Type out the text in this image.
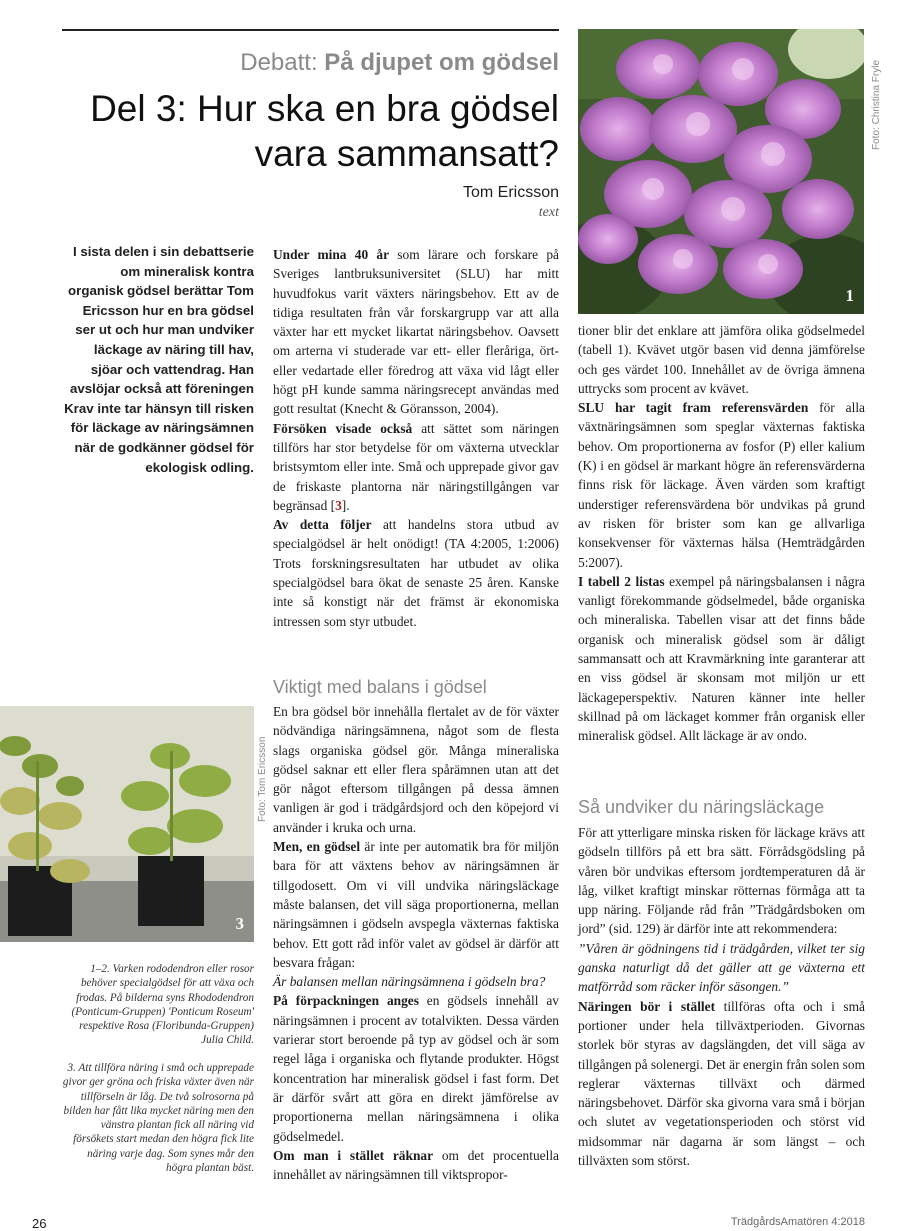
Debatt: På djupet om gödsel
Del 3: Hur ska en bra gödsel
vara sammansatt?
Tom Ericsson
text
I sista delen i sin debattserie om mineralisk kontra organisk gödsel berättar Tom Ericsson hur en bra gödsel ser ut och hur man undviker läckage av näring till hav, sjöar och vattendrag. Han avslöjar också att föreningen Krav inte tar hänsyn till risken för läckage av näringsämnen när de godkänner gödsel för ekologisk odling.

Under mina 40 år som lärare och forskare på Sveriges lantbruksuniversitet (SLU) har mitt huvudfokus varit växters näringsbehov. Ett av de tidiga resultaten från vår forskargrupp var att alla växter har ett mycket likartat näringsbehov. Oavsett om arterna vi studerade var ett- eller fleråriga, ört- eller vedartade eller föredrog att växa vid lågt eller högt pH kunde samma näringsrecept användas med gott resultat (Knecht & Göransson, 2004).

Försöken visade också att sättet som näringen tillförs har stor betydelse för om växterna utvecklar bristsymtom eller inte. Små och upprepade givor gav de friskaste plantorna när näringstillgången var begränsad [3].

Av detta följer att handelns stora utbud av specialgödsel är helt onödigt! (TA 4:2005, 1:2006) Trots forskningsresultaten har utbudet av olika specialgödsel bara ökat de senaste 25 åren. Kanske inte så konstigt när det främst är ekonomiska intressen som styr utbudet.

Viktigt med balans i gödsel

En bra gödsel bör innehålla flertalet av de för växter nödvändiga näringsämnena, något som de flesta slags organiska gödsel gör. Många mineraliska gödsel saknar ett eller flera spårämnen utan att det gör något eftersom tillgången på dessa ämnen vanligen är god i trädgårdsjord och den köpejord vi använder i kruka och urna.

Men, en gödsel är inte per automatik bra för miljön bara för att växtens behov av näringsämnen är tillgodosett. Om vi vill undvika näringsläckage måste balansen, det vill säga proportionerna, mellan näringsämnen i gödseln avspegla växternas faktiska behov. Ett gott råd inför valet av gödsel är därför att besvara frågan:

Är balansen mellan näringsämnena i gödseln bra?

På förpackningen anges en gödsels innehåll av näringsämnen i procent av totalvikten. Dessa värden varierar stort beroende på typ av gödsel och är som regel låga i organiska och flytande produkter. Högst koncentration har mineralisk gödsel i fast form. Det är därför svårt att göra en direkt jämförelse av proportionerna mellan näringsämnena i olika gödselmedel.

Om man i stället räknar om det procentuella innehållet av näringsämnen till viktspropor-

1
Foto: Christina Fryle

tioner blir det enklare att jämföra olika gödselmedel (tabell 1). Kvävet utgör basen vid denna jämförelse och ges värdet 100. Innehållet av de övriga ämnena uttrycks som procent av kvävet.

SLU har tagit fram referensvärden för alla växtnäringsämnen som speglar växternas faktiska behov. Om proportionerna av fosfor (P) eller kalium (K) i en gödsel är markant högre än referensvärderna finns risk för läckage. Även värden som kraftigt understiger referensvärdena bör undvikas på grund av risken för brister som kan ge allvarliga konsekvenser för växternas hälsa (Hemträdgården 5:2007).

I tabell 2 listas exempel på näringsbalansen i några vanligt förekommande gödselmedel, både organiska och mineraliska. Tabellen visar att det finns både organisk och mineralisk gödsel som är dåligt sammansatt och att Kravmärkning inte garanterar att en viss gödsel är skonsam mot miljön ur ett läckageperspektiv. Naturen känner inte heller skillnad på om läckaget kommer från organisk eller mineralisk gödsel. Allt läckage är av ondo.

Så undviker du näringsläckage

För att ytterligare minska risken för läckage krävs att gödseln tillförs på ett bra sätt. Förrådsgödsling på våren bör undvikas eftersom jordtemperaturen då är låg, vilket kraftigt minskar rötternas förmåga att ta upp näring. Följande råd från ”Trädgårdsboken om jord” (sid. 129) är därför inte att rekommendera:

”Våren är gödningens tid i trädgården, vilket ter sig ganska naturligt då det gäller att ge växterna ett matförråd som räcker inför säsongen.”

Näringen bör i stället tillföras ofta och i små portioner under hela tillväxtperioden. Givornas storlek bör styras av dagslängden, det vill säga av tillgången på solenergi. Det är energin från solen som reglerar växternas tillväxt och därmed näringsbehovet. Därför ska givorna vara små i början och slutet av vegetationsperioden och störst vid midsommar när dagarna är som längst – och tillväxten som störst.

3
Foto: Tom Ericsson
1–2. Varken rododendron eller rosor behöver specialgödsel för att växa och frodas. På bilderna syns Rhododendron (Ponticum-Gruppen) 'Ponticum Roseum' respektive Rosa (Floribunda-Gruppen) Julia Child.
3. Att tillföra näring i små och upprepade givor ger gröna och friska växter även när tillförseln är låg. De två solrosorna på bilden har fått lika mycket näring men den vänstra plantan fick all näring vid försökets start medan den högra fick lite näring varje dag. Som synes mår den högra plantan bäst.
26	TrädgårdsAmatören 4:2018
